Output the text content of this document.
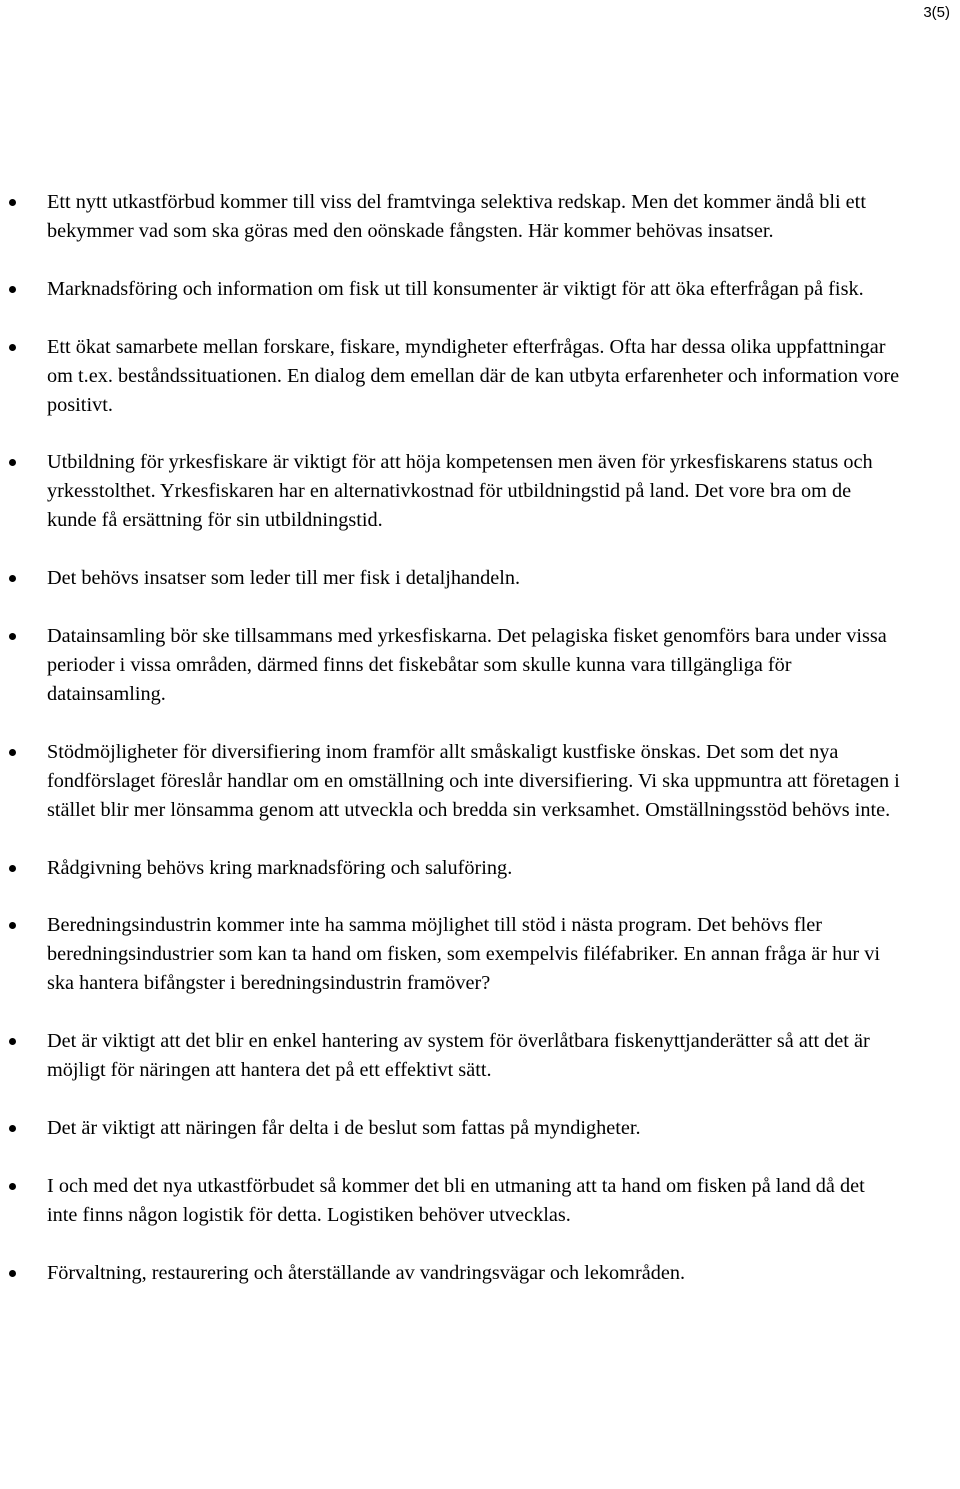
3(5)
Ett nytt utkastförbud kommer till viss del framtvinga selektiva redskap. Men det kommer ändå bli ett bekymmer vad som ska göras med den oönskade fångsten. Här kommer behövas insatser.
Marknadsföring och information om fisk ut till konsumenter är viktigt för att öka efterfrågan på fisk.
Ett ökat samarbete mellan forskare, fiskare, myndigheter efterfrågas. Ofta har dessa olika uppfattningar om t.ex. beståndssituationen. En dialog dem emellan där de kan utbyta erfarenheter och information vore positivt.
Utbildning för yrkesfiskare är viktigt för att höja kompetensen men även för yrkesfiskarens status och yrkesstolthet. Yrkesfiskaren har en alternativkostnad för utbildningstid på land. Det vore bra om de kunde få ersättning för sin utbildningstid.
Det behövs insatser som leder till mer fisk i detaljhandeln.
Datainsamling bör ske tillsammans med yrkesfiskarna. Det pelagiska fisket genomförs bara under vissa perioder i vissa områden, därmed finns det fiskebåtar som skulle kunna vara tillgängliga för datainsamling.
Stödmöjligheter för diversifiering inom framför allt småskaligt kustfiske önskas. Det som det nya fondförslaget föreslår handlar om en omställning och inte diversifiering. Vi ska uppmuntra att företagen i stället blir mer lönsamma genom att utveckla och bredda sin verksamhet. Omställningsstöd behövs inte.
Rådgivning behövs kring marknadsföring och saluföring.
Beredningsindustrin kommer inte ha samma möjlighet till stöd i nästa program. Det behövs fler beredningsindustrier som kan ta hand om fisken, som exempelvis filéfabriker. En annan fråga är hur vi ska hantera bifångster i beredningsindustrin framöver?
Det är viktigt att det blir en enkel hantering av system för överlåtbara fiskenyttjanderätter så att det är möjligt för näringen att hantera det på ett effektivt sätt.
Det är viktigt att näringen får delta i de beslut som fattas på myndigheter.
I och med det nya utkastförbudet så kommer det bli en utmaning att ta hand om fisken på land då det inte finns någon logistik för detta. Logistiken behöver utvecklas.
Förvaltning, restaurering och återställande av vandringsvägar och lekområden.
